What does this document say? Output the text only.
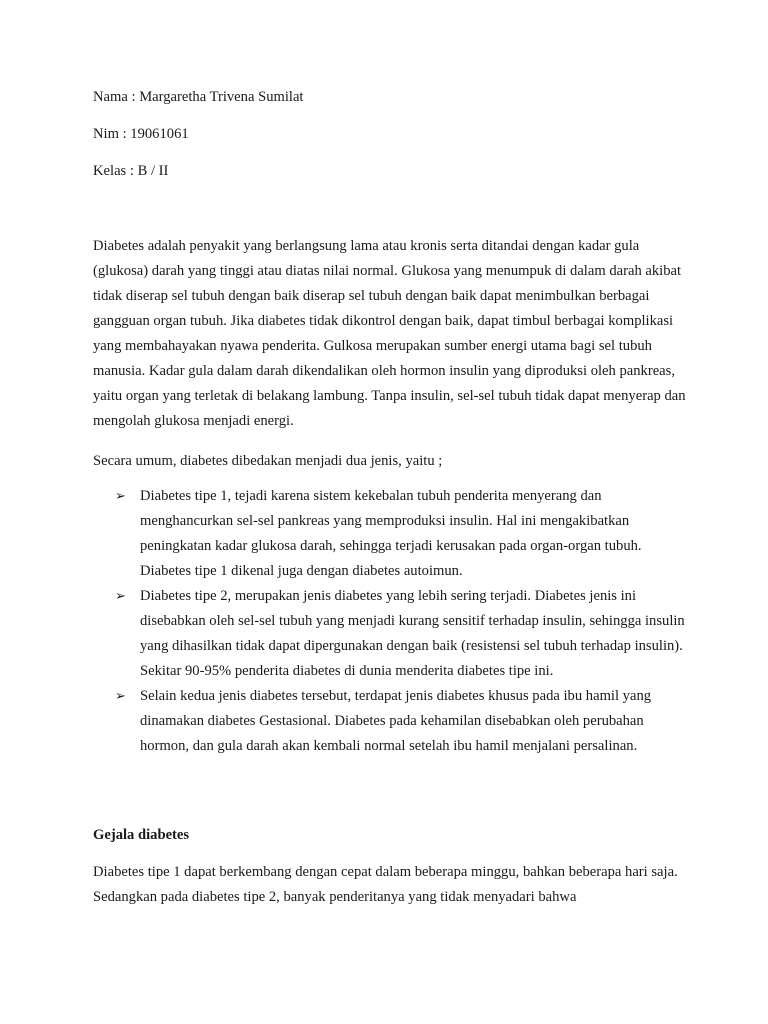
Nama : Margaretha Trivena Sumilat
Nim : 19061061
Kelas : B / II

Diabetes adalah penyakit yang berlangsung lama atau kronis serta ditandai dengan kadar gula (glukosa) darah yang tinggi atau diatas nilai normal. Glukosa yang menumpuk di dalam darah akibat tidak diserap sel tubuh dengan baik diserap sel tubuh dengan baik dapat menimbulkan berbagai gangguan organ tubuh. Jika diabetes tidak dikontrol dengan baik, dapat timbul berbagai komplikasi yang membahayakan nyawa penderita. Gulkosa merupakan sumber energi utama bagi sel tubuh manusia. Kadar gula dalam darah dikendalikan oleh hormon insulin yang diproduksi oleh pankreas, yaitu organ yang terletak di belakang lambung. Tanpa insulin, sel-sel tubuh tidak dapat menyerap dan mengolah glukosa menjadi energi.

Secara umum, diabetes dibedakan menjadi dua jenis, yaitu ;

➢ Diabetes tipe 1, tejadi karena sistem kekebalan tubuh penderita menyerang dan menghancurkan sel-sel pankreas yang memproduksi insulin. Hal ini mengakibatkan peningkatan kadar glukosa darah, sehingga terjadi kerusakan pada organ-organ tubuh. Diabetes tipe 1 dikenal juga dengan diabetes autoimun.
➢ Diabetes tipe 2, merupakan jenis diabetes yang lebih sering terjadi. Diabetes jenis ini disebabkan oleh sel-sel tubuh yang menjadi kurang sensitif terhadap insulin, sehingga insulin yang dihasilkan tidak dapat dipergunakan dengan baik (resistensi sel tubuh terhadap insulin). Sekitar 90-95% penderita diabetes di dunia menderita diabetes tipe ini.
➢ Selain kedua jenis diabetes tersebut, terdapat jenis diabetes khusus pada ibu hamil yang dinamakan diabetes Gestasional. Diabetes pada kehamilan disebabkan oleh perubahan hormon, dan gula darah akan kembali normal setelah ibu hamil menjalani persalinan.
Gejala diabetes

Diabetes tipe 1 dapat berkembang dengan cepat dalam beberapa minggu, bahkan beberapa hari saja. Sedangkan pada diabetes tipe 2, banyak penderitanya yang tidak menyadari bahwa
